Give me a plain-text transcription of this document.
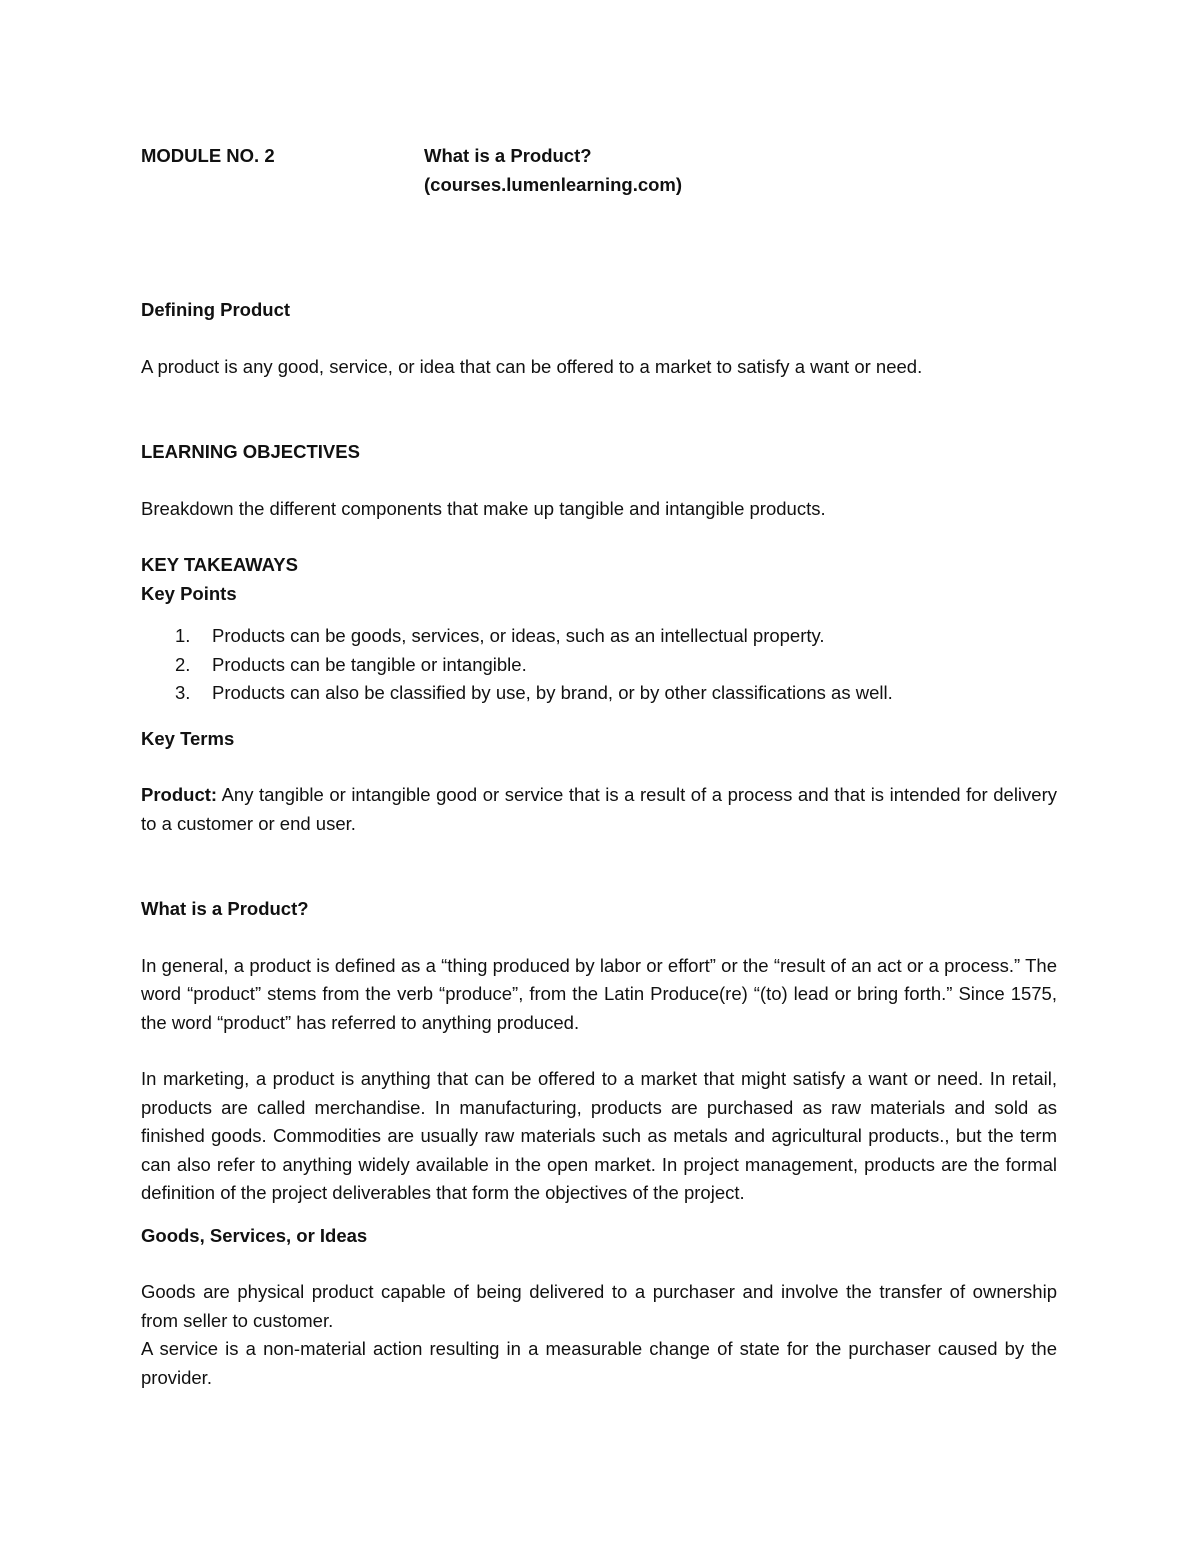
MODULE NO. 2	What is a Product?
(courses.lumenlearning.com)

Defining Product

A product is any good, service, or idea that can be offered to a market to satisfy a want or need.

LEARNING OBJECTIVES

Breakdown the different components that make up tangible and intangible products.

KEY TAKEAWAYS

Key Points

1.	Products can be goods, services, or ideas, such as an intellectual property.
2.	Products can be tangible or intangible.
3.	Products can also be classified by use, by brand, or by other classifications as well.

Key Terms

Product: Any tangible or intangible good or service that is a result of a process and that is intended for delivery to a customer or end user.

What is a Product?

In general, a product is defined as a “thing produced by labor or effort” or the “result of an act or a process.” The word “product” stems from the verb “produce”, from the Latin Produce(re) “(to) lead or bring forth.” Since 1575, the word “product” has referred to anything produced.

In marketing, a product is anything that can be offered to a market that might satisfy a want or need. In retail, products are called merchandise. In manufacturing, products are purchased as raw materials and sold as finished goods. Commodities are usually raw materials such as metals and agricultural products., but the term can also refer to anything widely available in the open market. In project management, products are the formal definition of the project deliverables that form the objectives of the project.

Goods, Services, or Ideas

Goods are physical product capable of being delivered to a purchaser and involve the transfer of ownership from seller to customer.

A service is a non-material action resulting in a measurable change of state for the purchaser caused by the provider.
